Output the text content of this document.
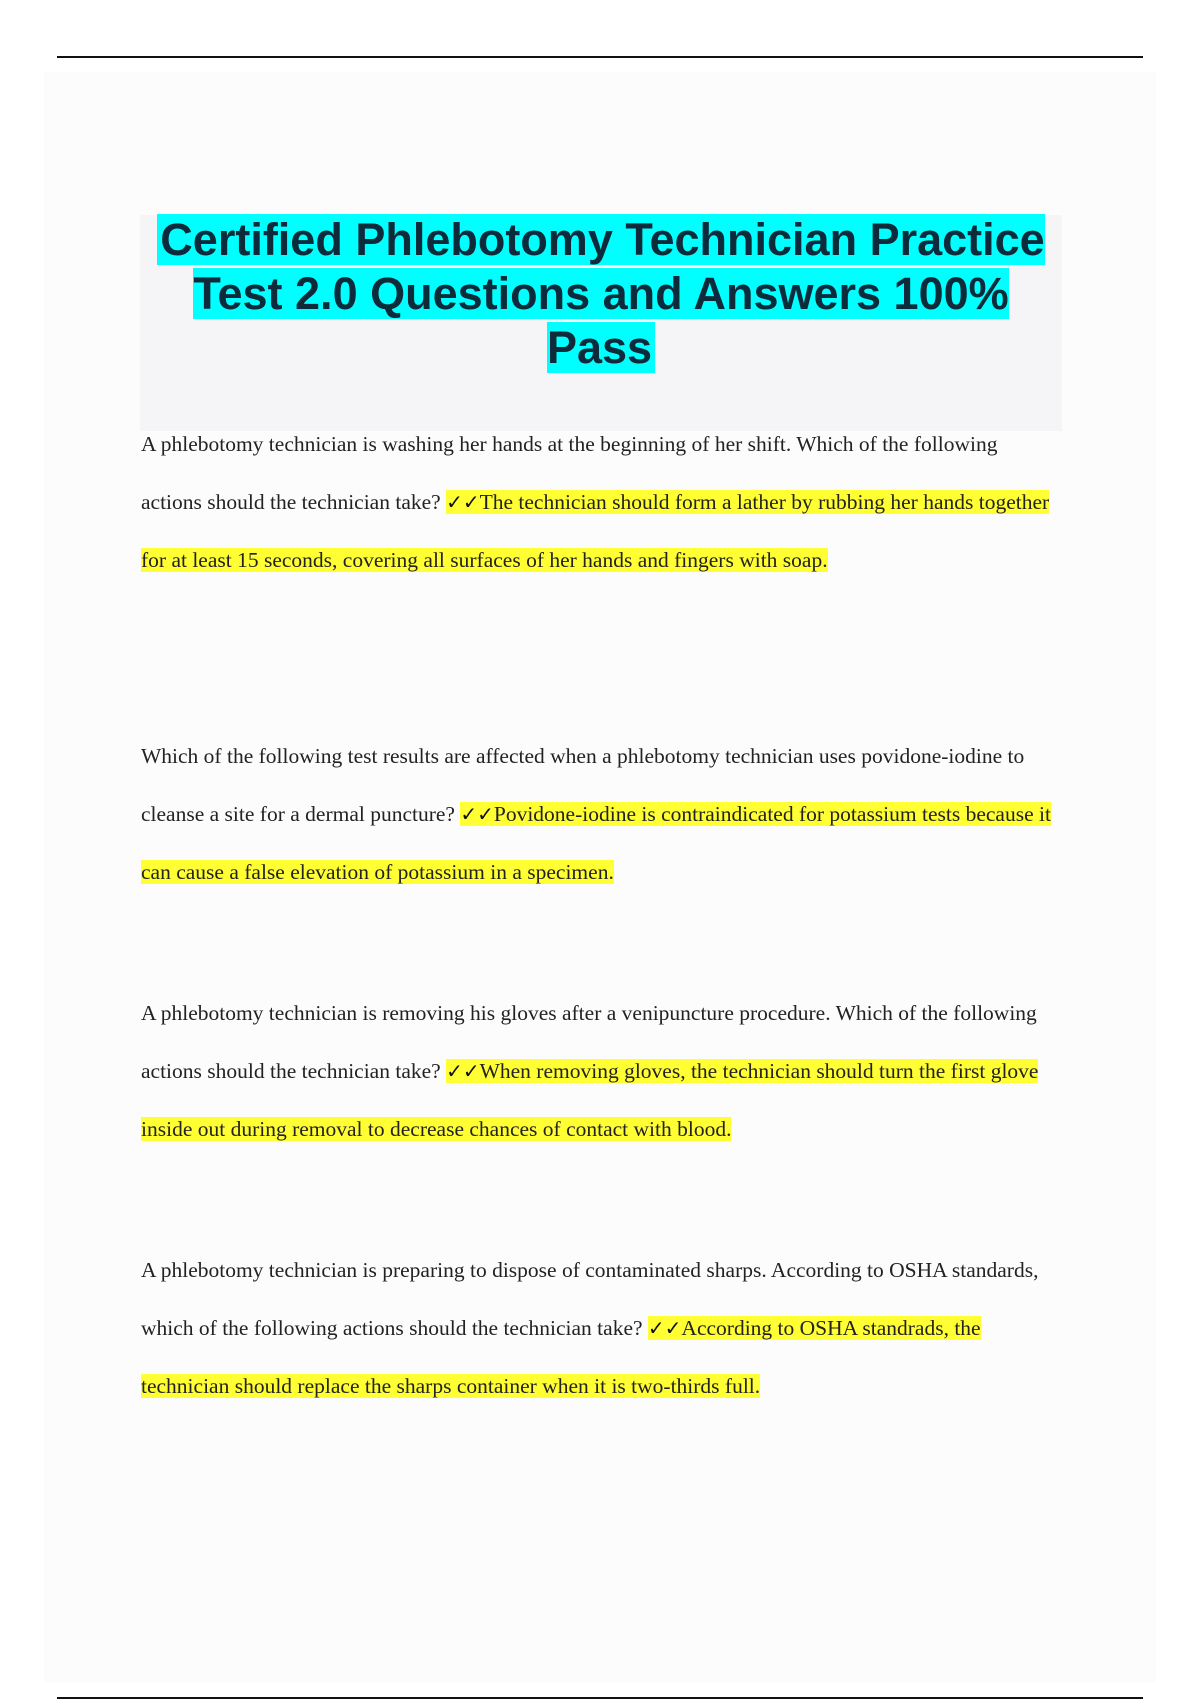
Certified Phlebotomy Technician Practice Test 2.0 Questions and Answers 100% Pass

A phlebotomy technician is washing her hands at the beginning of her shift. Which of the following actions should the technician take? ✓✓The technician should form a lather by rubbing her hands together for at least 15 seconds, covering all surfaces of her hands and fingers with soap.

Which of the following test results are affected when a phlebotomy technician uses povidone-iodine to cleanse a site for a dermal puncture? ✓✓Povidone-iodine is contraindicated for potassium tests because it can cause a false elevation of potassium in a specimen.

A phlebotomy technician is removing his gloves after a venipuncture procedure. Which of the following actions should the technician take? ✓✓When removing gloves, the technician should turn the first glove inside out during removal to decrease chances of contact with blood.

A phlebotomy technician is preparing to dispose of contaminated sharps. According to OSHA standards, which of the following actions should the technician take? ✓✓According to OSHA standrads, the technician should replace the sharps container when it is two-thirds full.
